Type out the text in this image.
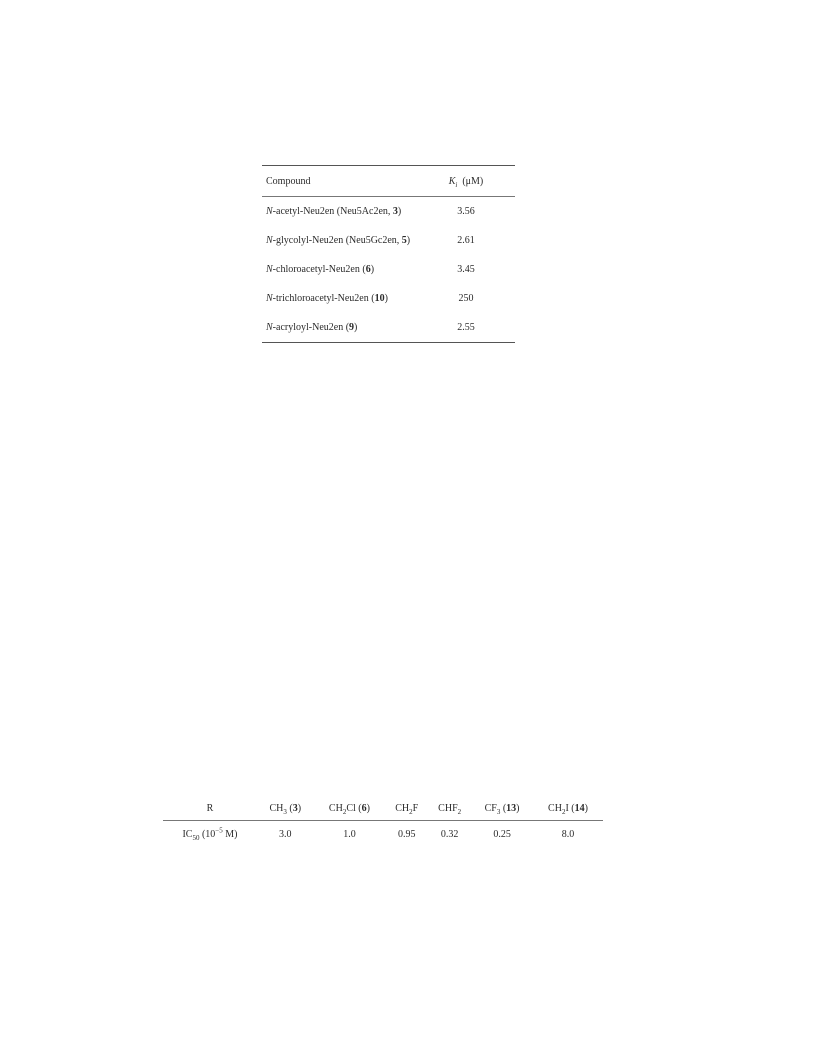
Compound	$K_i$ (μM)
N-acetyl-Neu2en (Neu5Ac2en, 3)	3.56
N-glycolyl-Neu2en (Neu5Gc2en, 5)	2.61
N-chloroacetyl-Neu2en (6)	3.45
N-trichloroacetyl-Neu2en (10)	250
N-acryloyl-Neu2en (9)	2.55
R	$CH_3$ (3)	$CH_2Cl$ (6)	$CH_2F$	$CHF_2$	$CF_3$ (13)	$CH_2I$ (14)
$IC_{50}$ ($10^{-5}$ M)	3.0	1.0	0.95	0.32	0.25	8.0
